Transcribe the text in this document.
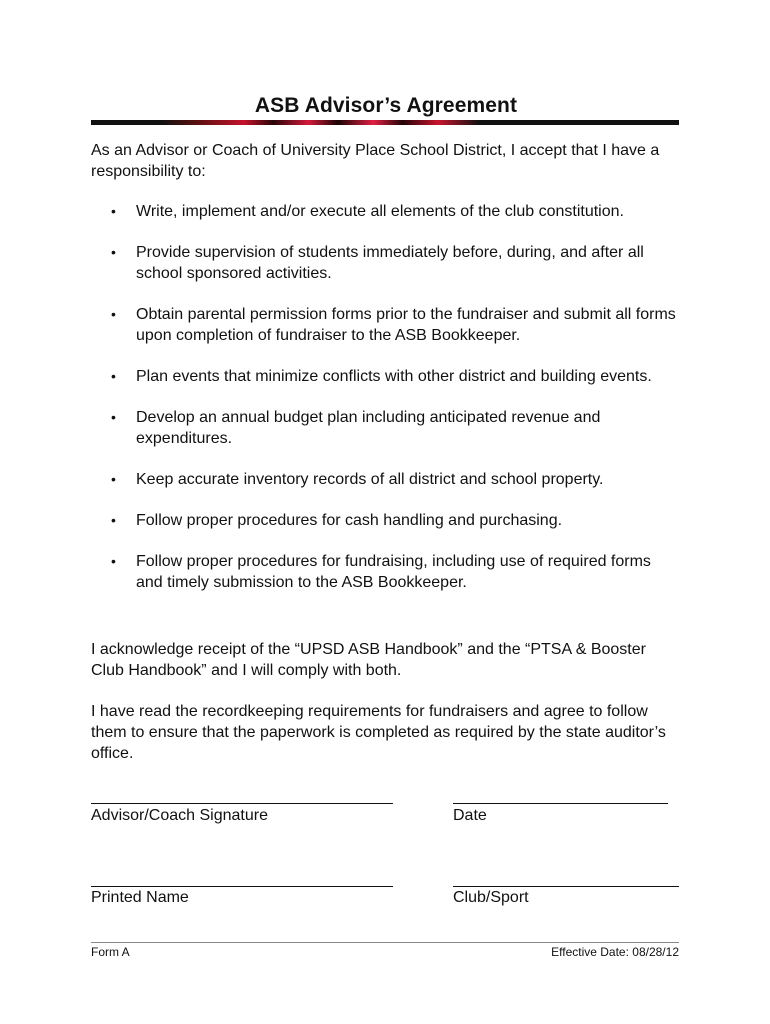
ASB Advisor’s Agreement

As an Advisor or Coach of University Place School District, I accept that I have a responsibility to:

• Write, implement and/or execute all elements of the club constitution.
• Provide supervision of students immediately before, during, and after all school sponsored activities.
• Obtain parental permission forms prior to the fundraiser and submit all forms upon completion of fundraiser to the ASB Bookkeeper.
• Plan events that minimize conflicts with other district and building events.
• Develop an annual budget plan including anticipated revenue and expenditures.
• Keep accurate inventory records of all district and school property.
• Follow proper procedures for cash handling and purchasing.
• Follow proper procedures for fundraising, including use of required forms and timely submission to the ASB Bookkeeper.

I acknowledge receipt of the “UPSD ASB Handbook” and the “PTSA & Booster Club Handbook” and I will comply with both.

I have read the recordkeeping requirements for fundraisers and agree to follow them to ensure that the paperwork is completed as required by the state auditor’s office.

Advisor/Coach Signature	Date
Printed Name	Club/Sport
Form A	Effective Date: 08/28/12
